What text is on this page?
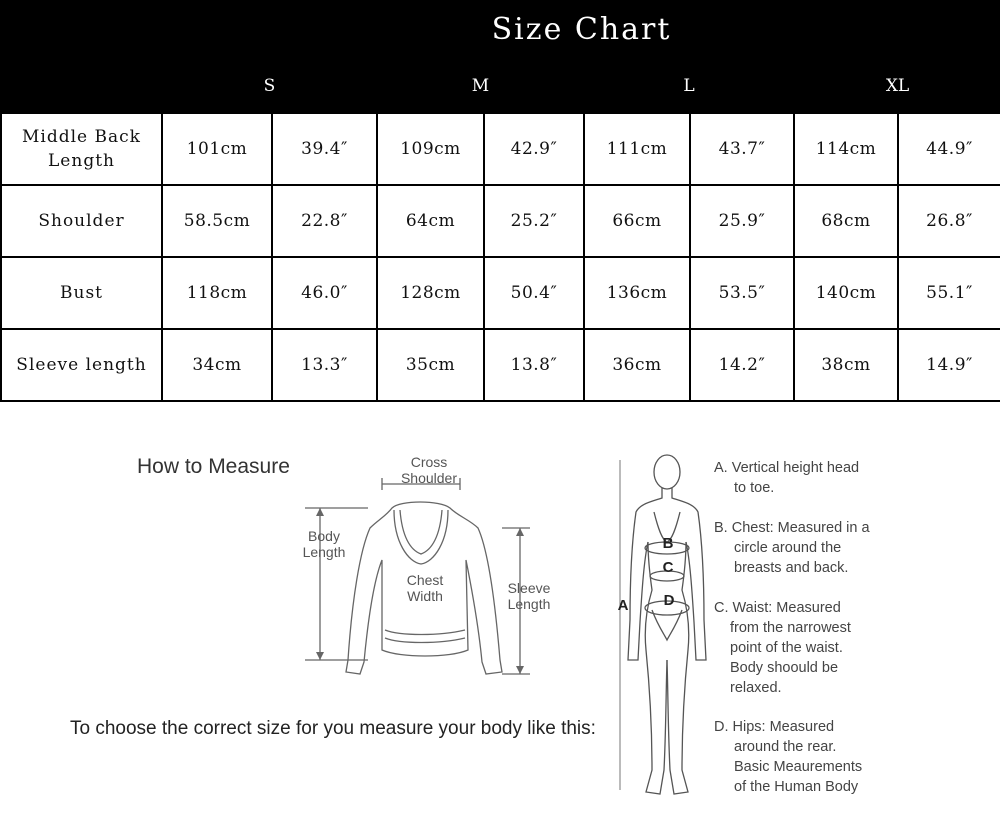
	Size Chart							
	S		M		L		XL	

Middle Back
Length	101cm	39.4″	109cm	42.9″	111cm	43.7″	114cm	44.9″
Shoulder	58.5cm	22.8″	64cm	25.2″	66cm	25.9″	68cm	26.8″
Bust	118cm	46.0″	128cm	50.4″	136cm	53.5″	140cm	55.1″
Sleeve length	34cm	13.3″	35cm	13.8″	36cm	14.2″	38cm	14.9″
How to Measure
To choose the correct size for you measure your body like this:
Cross
Shoulder
Body
Length
Chest
Width	Sleeve
Length	A
B
C
D
A. Vertical height head
to toe.
B. Chest: Measured in a
circle around the
breasts and back.
C. Waist: Measured
from the narrowest
point of the waist.
Body shoould be
relaxed.
D. Hips: Measured
around the rear.
Basic Meaurements
of the Human Body
